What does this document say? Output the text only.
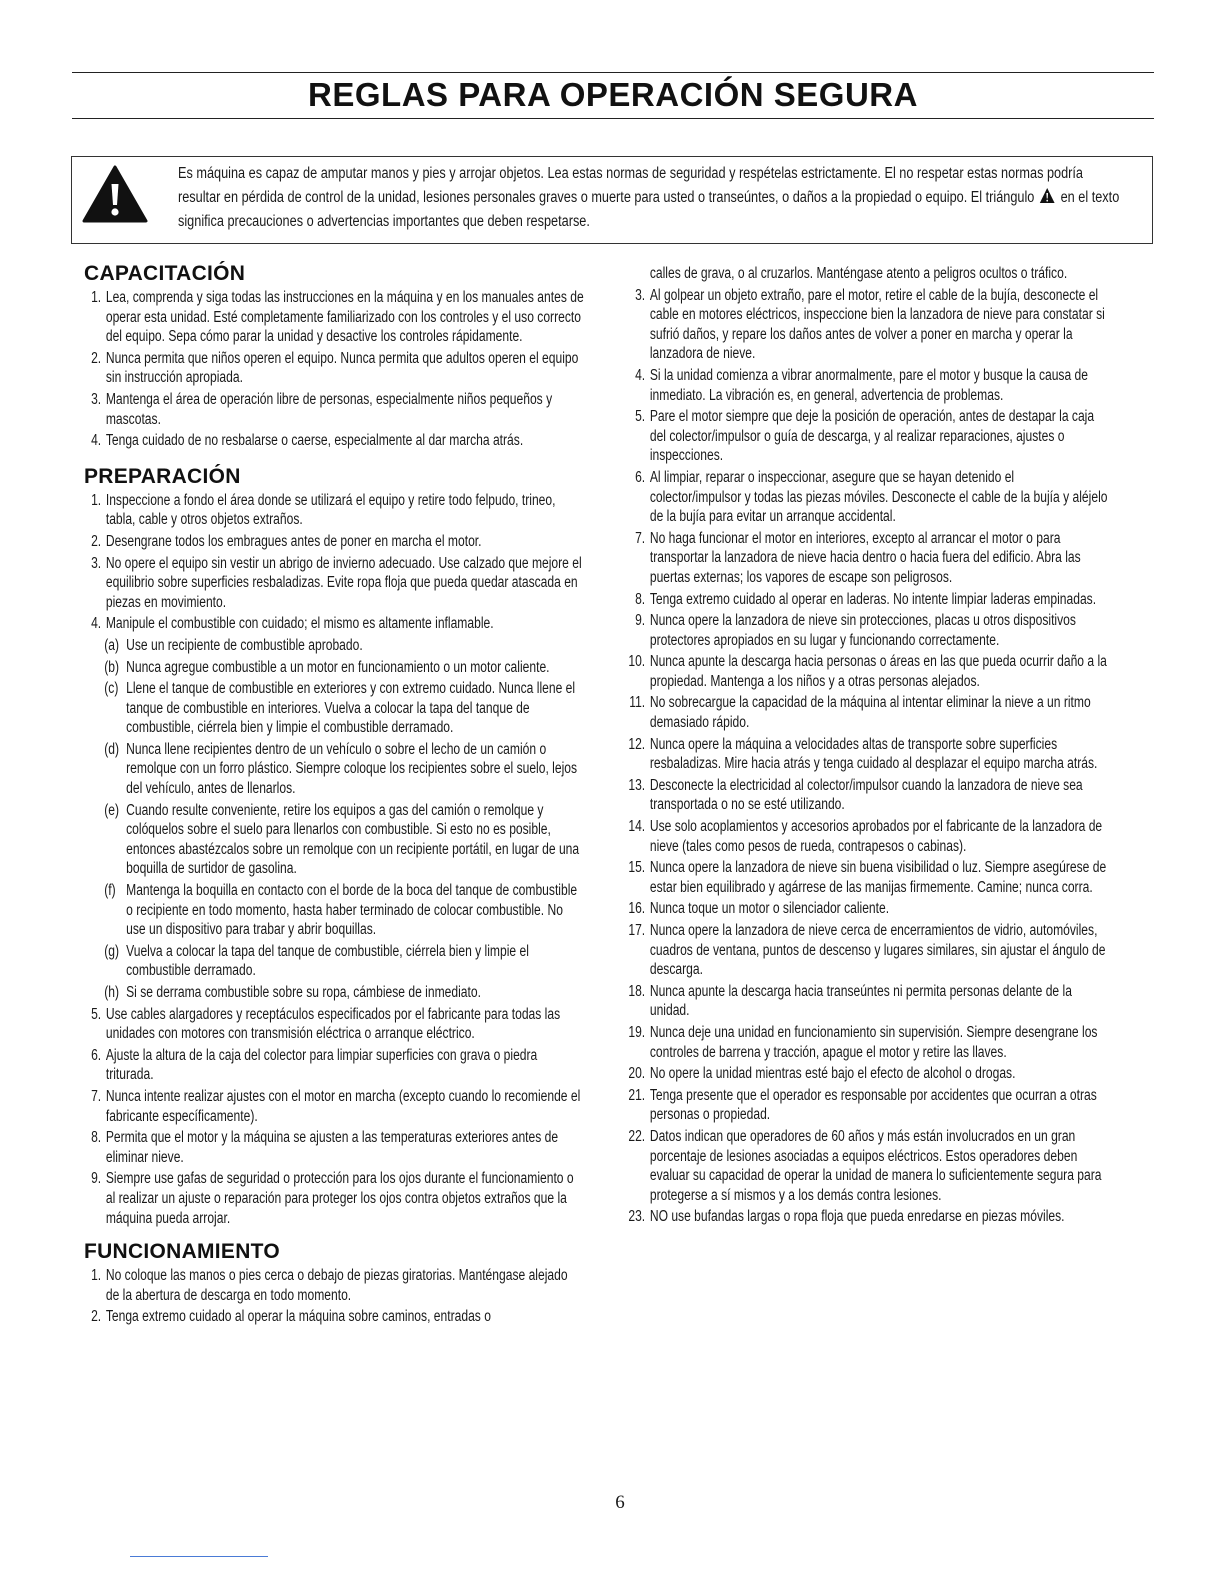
REGLAS PARA OPERACIÓN SEGURA
Es máquina es capaz de amputar manos y pies y arrojar objetos. Lea estas normas de seguridad y respételas estrictamente. El no respetar estas normas podría resultar en pérdida de control de la unidad, lesiones personales graves o muerte para usted o transeúntes, o daños a la propiedad o equipo. El triángulo en el texto significa precauciones o advertencias importantes que deben respetarse.
CAPACITACIÓN
1. Lea, comprenda y siga todas las instrucciones en la máquina y en los manuales antes de operar esta unidad. Esté completamente familiarizado con los controles y el uso correcto del equipo. Sepa cómo parar la unidad y desactive los controles rápidamente.
2. Nunca permita que niños operen el equipo. Nunca permita que adultos operen el equipo sin instrucción apropiada.
3. Mantenga el área de operación libre de personas, especialmente niños pequeños y mascotas.
4. Tenga cuidado de no resbalarse o caerse, especialmente al dar marcha atrás.
PREPARACIÓN
1. Inspeccione a fondo el área donde se utilizará el equipo y retire todo felpudo, trineo, tabla, cable y otros objetos extraños.
2. Desengrane todos los embragues antes de poner en marcha el motor.
3. No opere el equipo sin vestir un abrigo de invierno adecuado. Use calzado que mejore el equilibrio sobre superficies resbaladizas. Evite ropa floja que pueda quedar atascada en piezas en movimiento.
4. Manipule el combustible con cuidado; el mismo es altamente inflamable.
(a) Use un recipiente de combustible aprobado.
(b) Nunca agregue combustible a un motor en funcionamiento o un motor caliente.
(c) Llene el tanque de combustible en exteriores y con extremo cuidado. Nunca llene el tanque de combustible en interiores. Vuelva a colocar la tapa del tanque de combustible, ciérrela bien y limpie el combustible derramado.
(d) Nunca llene recipientes dentro de un vehículo o sobre el lecho de un camión o remolque con un forro plástico. Siempre coloque los recipientes sobre el suelo, lejos del vehículo, antes de llenarlos.
(e) Cuando resulte conveniente, retire los equipos a gas del camión o remolque y colóquelos sobre el suelo para llenarlos con combustible. Si esto no es posible, entonces abastézcalos sobre un remolque con un recipiente portátil, en lugar de una boquilla de surtidor de gasolina.
(f) Mantenga la boquilla en contacto con el borde de la boca del tanque de combustible o recipiente en todo momento, hasta haber terminado de colocar combustible. No use un dispositivo para trabar y abrir boquillas.
(g) Vuelva a colocar la tapa del tanque de combustible, ciérrela bien y limpie el combustible derramado.
(h) Si se derrama combustible sobre su ropa, cámbiese de inmediato.
5. Use cables alargadores y receptáculos especificados por el fabricante para todas las unidades con motores con transmisión eléctrica o arranque eléctrico.
6. Ajuste la altura de la caja del colector para limpiar superficies con grava o piedra triturada.
7. Nunca intente realizar ajustes con el motor en marcha (excepto cuando lo recomiende el fabricante específicamente).
8. Permita que el motor y la máquina se ajusten a las temperaturas exteriores antes de eliminar nieve.
9. Siempre use gafas de seguridad o protección para los ojos durante el funcionamiento o al realizar un ajuste o reparación para proteger los ojos contra objetos extraños que la máquina pueda arrojar.
FUNCIONAMIENTO
1. No coloque las manos o pies cerca o debajo de piezas giratorias. Manténgase alejado de la abertura de descarga en todo momento.
2. Tenga extremo cuidado al operar la máquina sobre caminos, entradas o
calles de grava, o al cruzarlos. Manténgase atento a peligros ocultos o tráfico.
3. Al golpear un objeto extraño, pare el motor, retire el cable de la bujía, desconecte el cable en motores eléctricos, inspeccione bien la lanzadora de nieve para constatar si sufrió daños, y repare los daños antes de volver a poner en marcha y operar la lanzadora de nieve.
4. Si la unidad comienza a vibrar anormalmente, pare el motor y busque la causa de inmediato. La vibración es, en general, advertencia de problemas.
5. Pare el motor siempre que deje la posición de operación, antes de destapar la caja del colector/impulsor o guía de descarga, y al realizar reparaciones, ajustes o inspecciones.
6. Al limpiar, reparar o inspeccionar, asegure que se hayan detenido el colector/impulsor y todas las piezas móviles. Desconecte el cable de la bujía y aléjelo de la bujía para evitar un arranque accidental.
7. No haga funcionar el motor en interiores, excepto al arrancar el motor o para transportar la lanzadora de nieve hacia dentro o hacia fuera del edificio. Abra las puertas externas; los vapores de escape son peligrosos.
8. Tenga extremo cuidado al operar en laderas. No intente limpiar laderas empinadas.
9. Nunca opere la lanzadora de nieve sin protecciones, placas u otros dispositivos protectores apropiados en su lugar y funcionando correctamente.
10. Nunca apunte la descarga hacia personas o áreas en las que pueda ocurrir daño a la propiedad. Mantenga a los niños y a otras personas alejados.
11. No sobrecargue la capacidad de la máquina al intentar eliminar la nieve a un ritmo demasiado rápido.
12. Nunca opere la máquina a velocidades altas de transporte sobre superficies resbaladizas. Mire hacia atrás y tenga cuidado al desplazar el equipo marcha atrás.
13. Desconecte la electricidad al colector/impulsor cuando la lanzadora de nieve sea transportada o no se esté utilizando.
14. Use solo acoplamientos y accesorios aprobados por el fabricante de la lanzadora de nieve (tales como pesos de rueda, contrapesos o cabinas).
15. Nunca opere la lanzadora de nieve sin buena visibilidad o luz. Siempre asegúrese de estar bien equilibrado y agárrese de las manijas firmemente. Camine; nunca corra.
16. Nunca toque un motor o silenciador caliente.
17. Nunca opere la lanzadora de nieve cerca de encerramientos de vidrio, automóviles, cuadros de ventana, puntos de descenso y lugares similares, sin ajustar el ángulo de descarga.
18. Nunca apunte la descarga hacia transeúntes ni permita personas delante de la unidad.
19. Nunca deje una unidad en funcionamiento sin supervisión. Siempre desengrane los controles de barrena y tracción, apague el motor y retire las llaves.
20. No opere la unidad mientras esté bajo el efecto de alcohol o drogas.
21. Tenga presente que el operador es responsable por accidentes que ocurran a otras personas o propiedad.
22. Datos indican que operadores de 60 años y más están involucrados en un gran porcentaje de lesiones asociadas a equipos eléctricos. Estos operadores deben evaluar su capacidad de operar la unidad de manera lo suficientemente segura para protegerse a sí mismos y a los demás contra lesiones.
23. NO use bufandas largas o ropa floja que pueda enredarse en piezas móviles.
6
